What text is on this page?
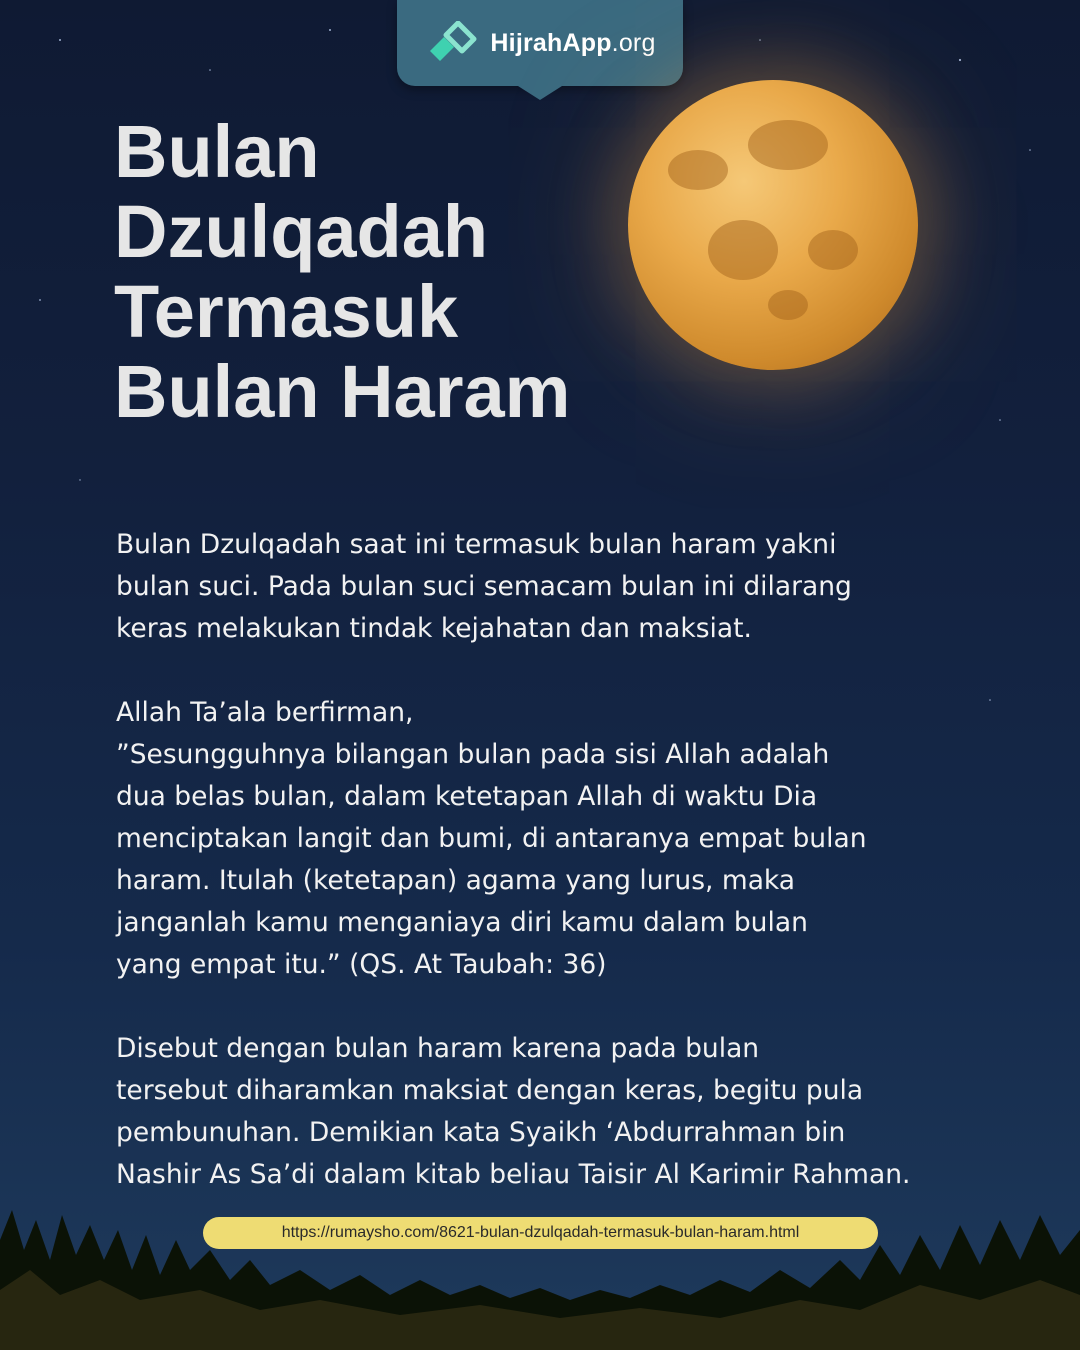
HijrahApp.org
Bulan
Dzulqadah
Termasuk
Bulan Haram

Bulan Dzulqadah saat ini termasuk bulan haram yakni
bulan suci. Pada bulan suci semacam bulan ini dilarang
keras melakukan tindak kejahatan dan maksiat.

Allah Ta’ala berfirman,
”Sesungguhnya bilangan bulan pada sisi Allah adalah
dua belas bulan, dalam ketetapan Allah di waktu Dia
menciptakan langit dan bumi, di antaranya empat bulan
haram. Itulah (ketetapan) agama yang lurus, maka
janganlah kamu menganiaya diri kamu dalam bulan
yang empat itu.” (QS. At Taubah: 36)

Disebut dengan bulan haram karena pada bulan
tersebut diharamkan maksiat dengan keras, begitu pula
pembunuhan. Demikian kata Syaikh ‘Abdurrahman bin
Nashir As Sa’di dalam kitab beliau Taisir Al Karimir Rahman.

https://rumaysho.com/8621-bulan-dzulqadah-termasuk-bulan-haram.html
